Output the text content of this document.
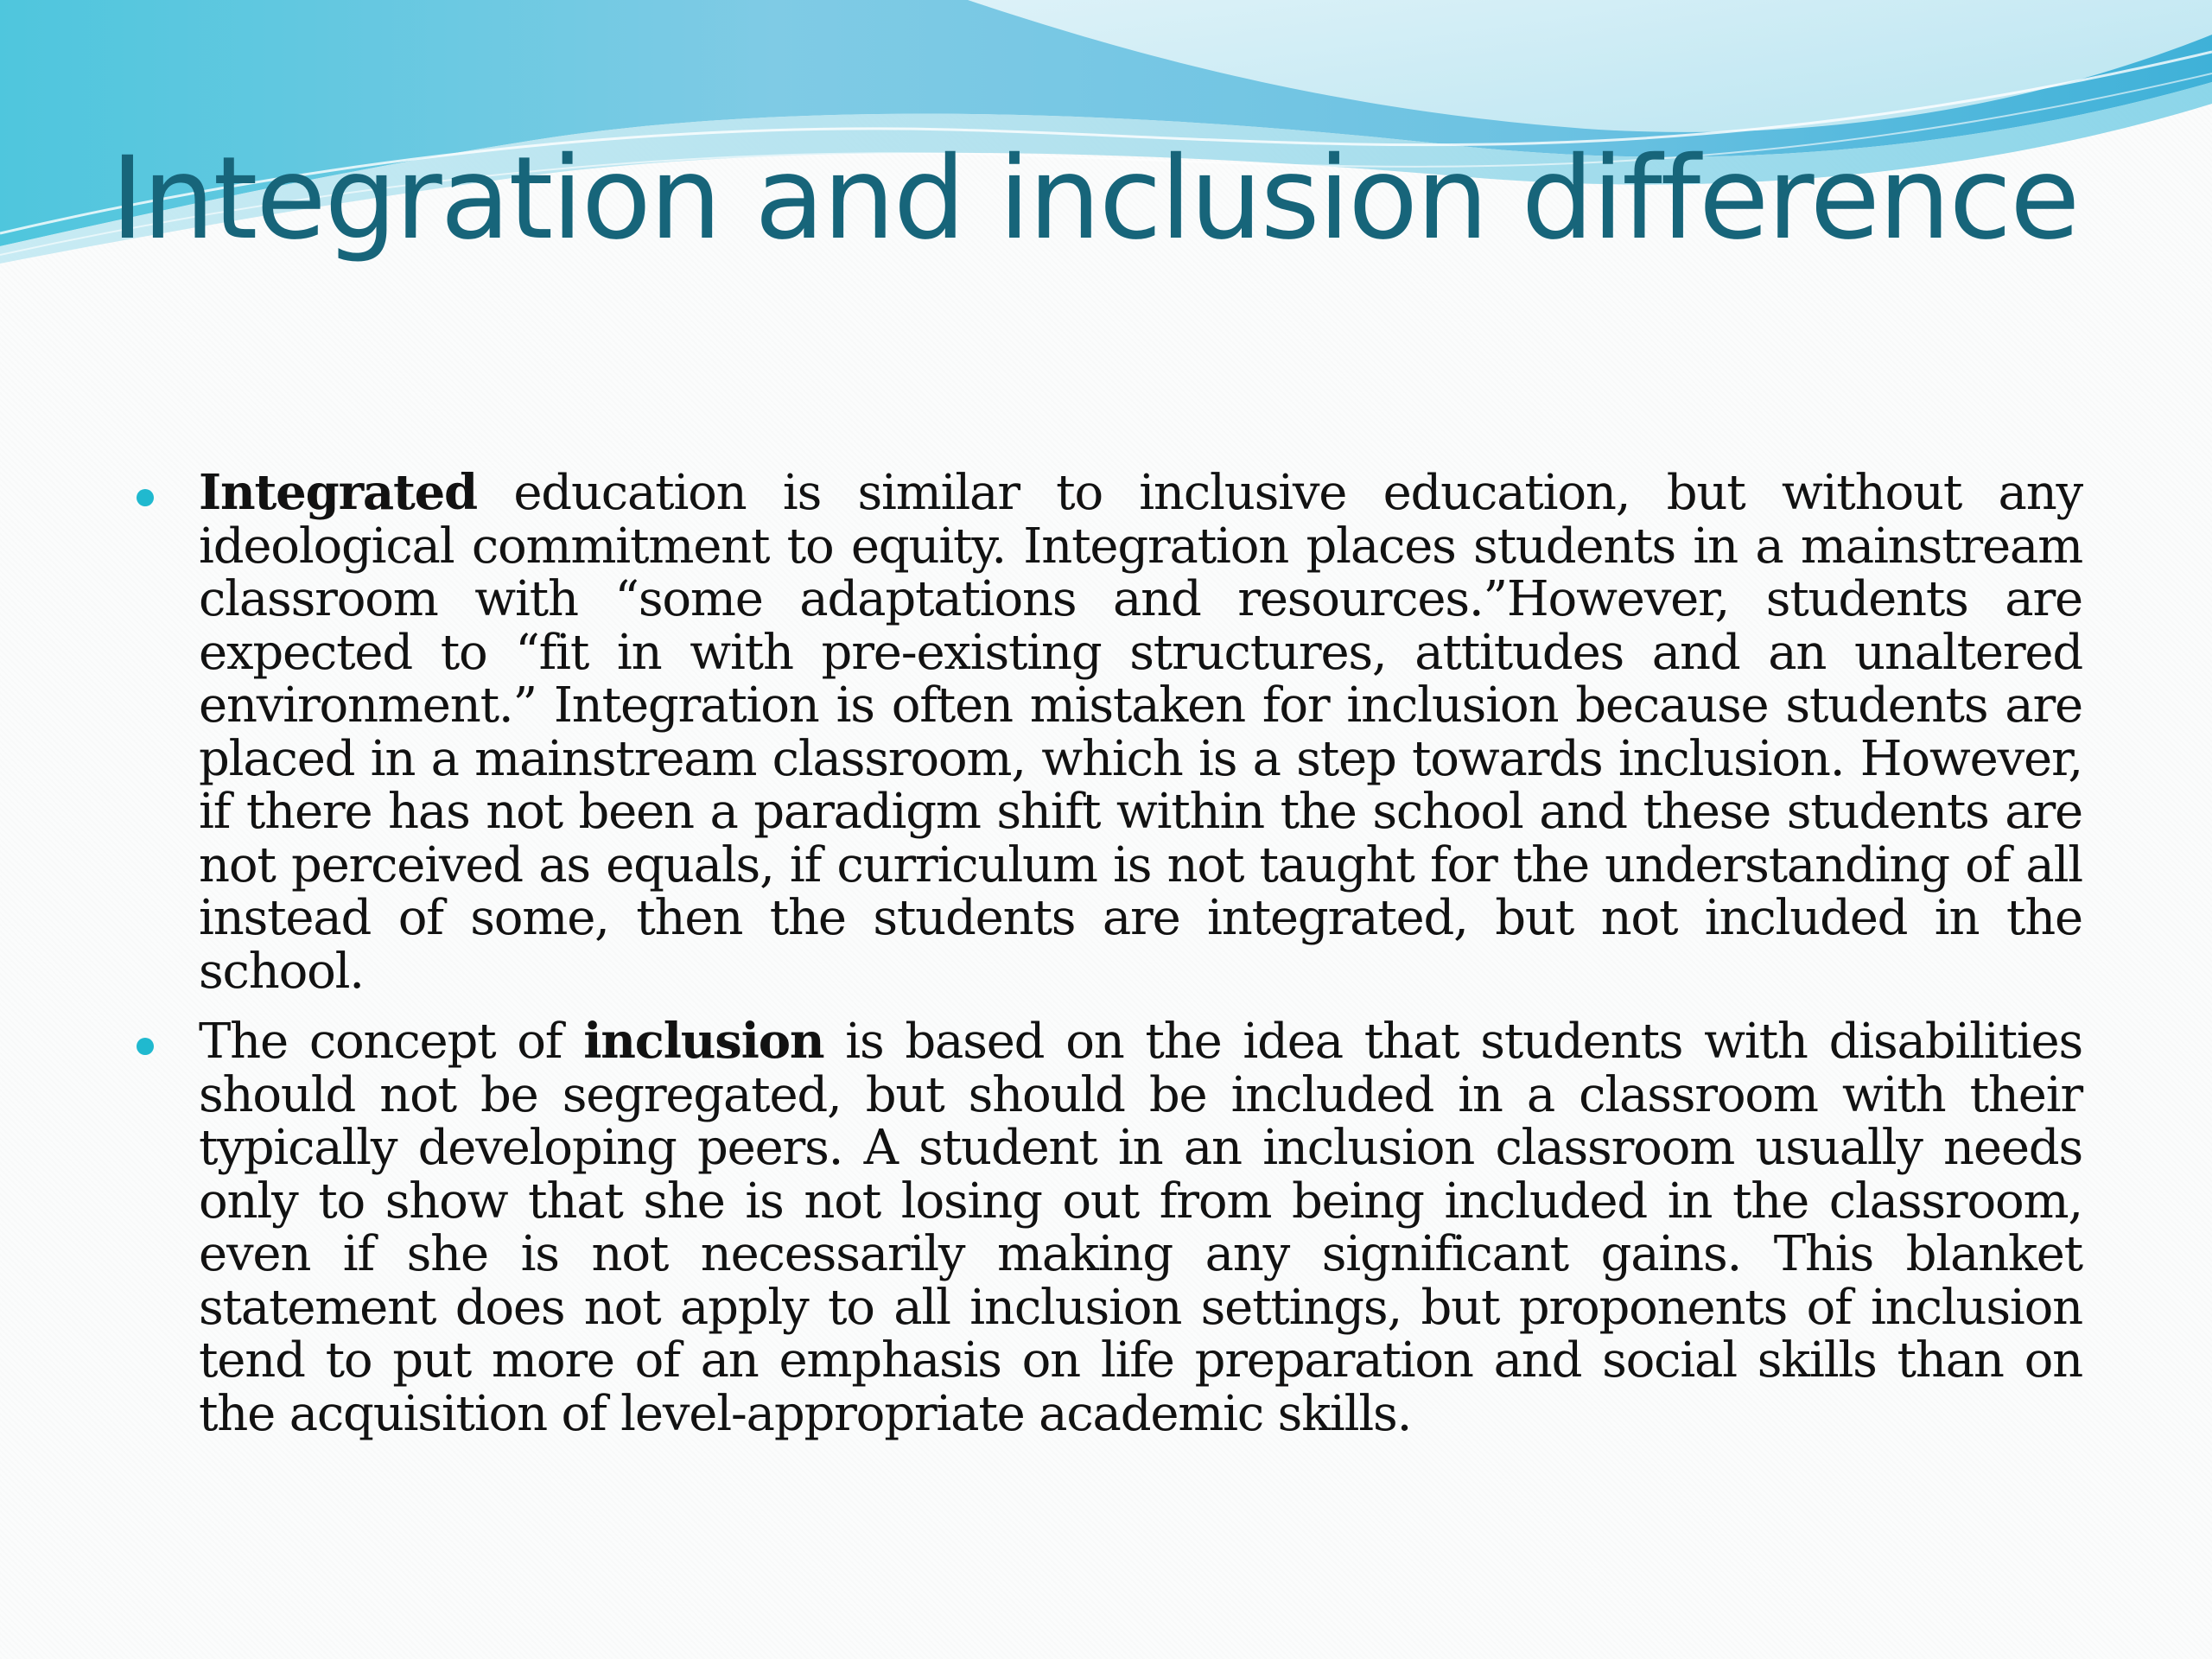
Integration and inclusion difference
Integrated education is similar to inclusive education, but without any ideological commitment to equity. Integration places students in a mainstream classroom with “some adaptations and resources.”However, students are expected to “fit in with pre-existing structures, attitudes and an unaltered environment.” Integration is often mistaken for inclusion because students are placed in a mainstream classroom, which is a step towards inclusion. However, if there has not been a paradigm shift within the school and these students are not perceived as equals, if curriculum is not taught for the understanding of all instead of some, then the students are integrated, but not included in the school.
The concept of inclusion is based on the idea that students with disabilities should not be segregated, but should be included in a classroom with their typically developing peers. A student in an inclusion classroom usually needs only to show that she is not losing out from being included in the classroom, even if she is not necessarily making any significant gains. This blanket statement does not apply to all inclusion settings, but proponents of inclusion tend to put more of an emphasis on life preparation and social skills than on the acquisition of level-appropriate academic skills.
